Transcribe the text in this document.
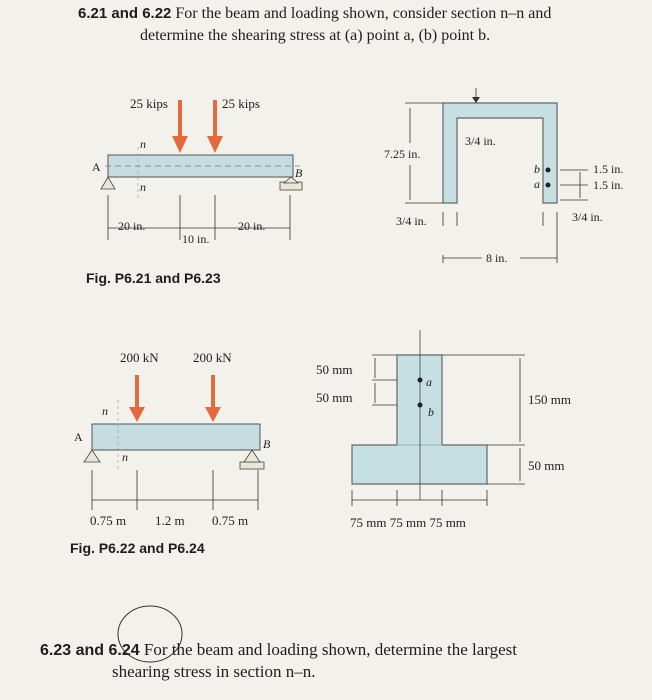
6.21 and 6.22 For the beam and loading shown, consider section n–n and
determine the shearing stress at (a) point a, (b) point b.
25 kips	25 kips
A	B
n
n
20 in.
10 in.
20 in.
Fig. P6.21 and P6.23
7.25 in.
3/4 in.
3/4 in.	3/4 in.
8 in.
1.5 in.
1.5 in.
b
a
200 kN	200 kN
A	B
n
n
0.75 m 1.2 m 0.75 m
Fig. P6.22 and P6.24
50 mm
50 mm	150 mm
50 mm
75 mm 75 mm 75 mm
a
b
6.23 and 6.24 For the beam and loading shown, determine the largest
shearing stress in section n–n.
